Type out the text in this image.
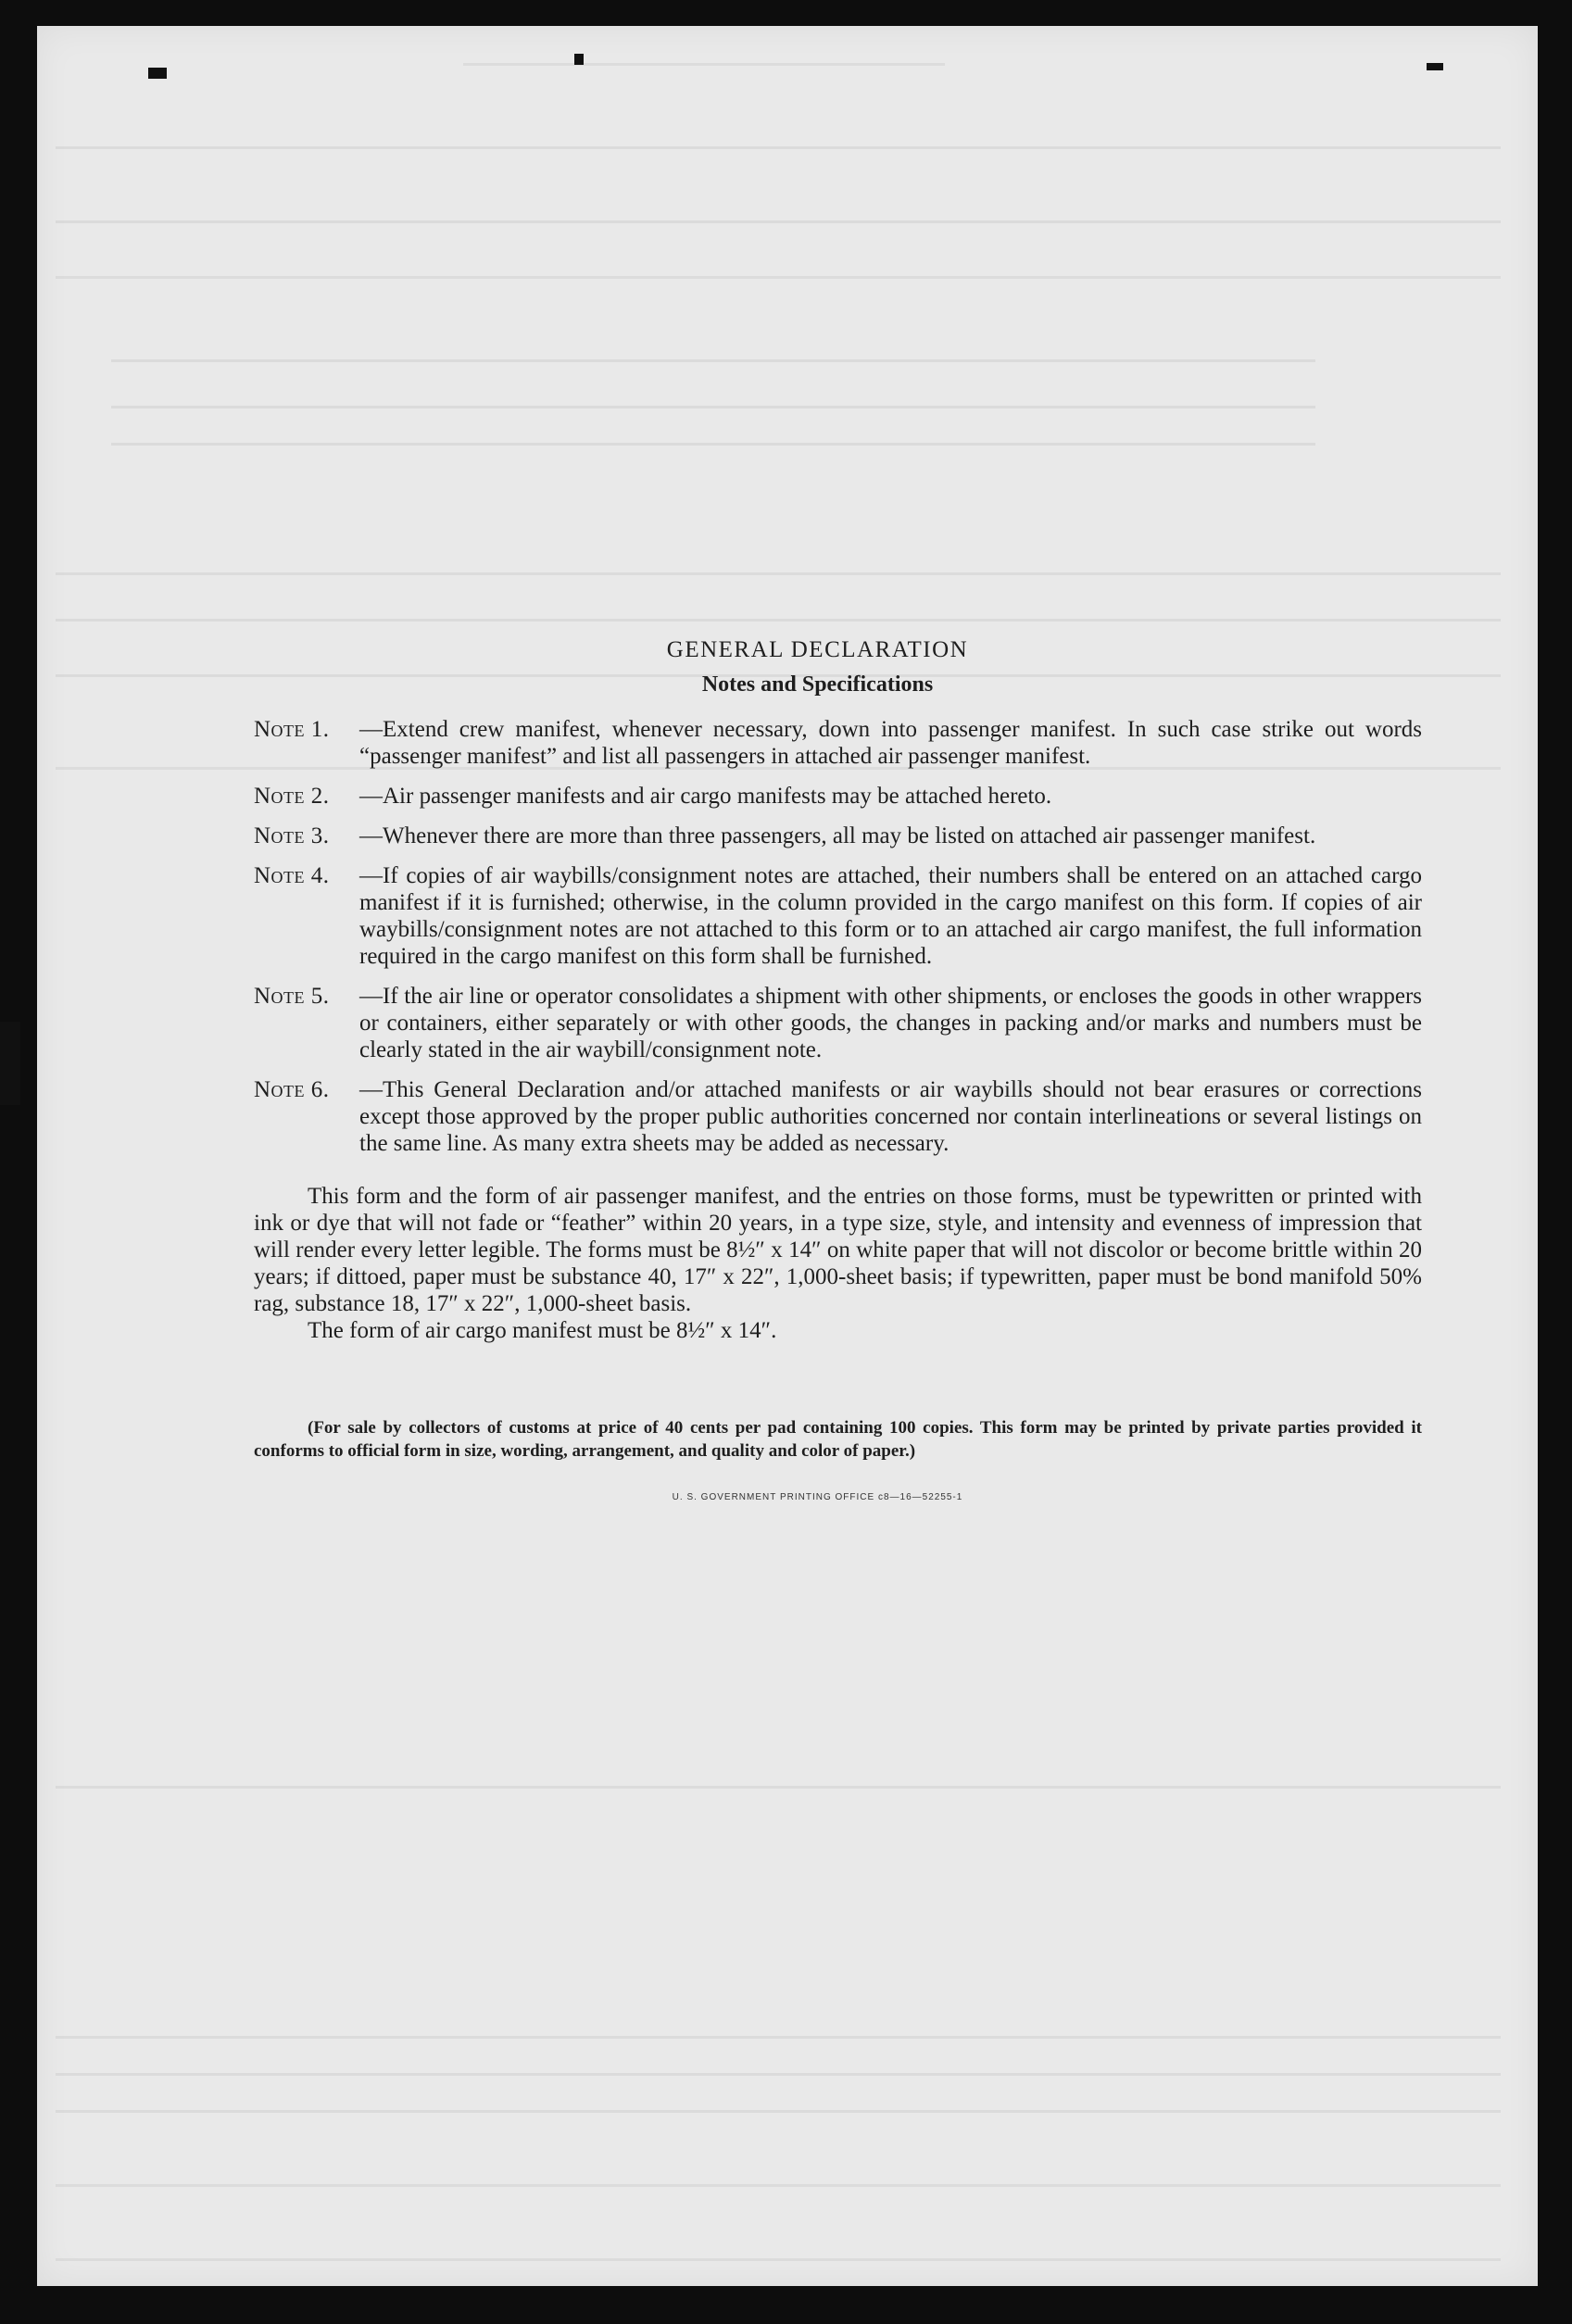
GENERAL DECLARATION
Notes and Specifications
Note 1. —Extend crew manifest, whenever necessary, down into passenger manifest. In such case strike out words “passenger manifest” and list all passengers in attached air passenger manifest.
Note 2. —Air passenger manifests and air cargo manifests may be attached hereto.
Note 3. —Whenever there are more than three passengers, all may be listed on attached air passenger manifest.
Note 4. —If copies of air waybills/consignment notes are attached, their numbers shall be entered on an attached cargo manifest if it is furnished; otherwise, in the column provided in the cargo manifest on this form. If copies of air waybills/consignment notes are not attached to this form or to an attached air cargo manifest, the full information required in the cargo manifest on this form shall be furnished.
Note 5. —If the air line or operator consolidates a shipment with other shipments, or encloses the goods in other wrappers or containers, either separately or with other goods, the changes in packing and/or marks and numbers must be clearly stated in the air waybill/consignment note.
Note 6. —This General Declaration and/or attached manifests or air waybills should not bear erasures or corrections except those approved by the proper public authorities concerned nor contain interlineations or several listings on the same line. As many extra sheets may be added as necessary.

This form and the form of air passenger manifest, and the entries on those forms, must be typewritten or printed with ink or dye that will not fade or “feather” within 20 years, in a type size, style, and intensity and evenness of impression that will render every letter legible. The forms must be 8½″ x 14″ on white paper that will not discolor or become brittle within 20 years; if dittoed, paper must be substance 40, 17″ x 22″, 1,000-sheet basis; if typewritten, paper must be bond manifold 50% rag, substance 18, 17″ x 22″, 1,000-sheet basis.

The form of air cargo manifest must be 8½″ x 14″.

(For sale by collectors of customs at price of 40 cents per pad containing 100 copies. This form may be printed by private parties provided it conforms to official form in size, wording, arrangement, and quality and color of paper.)

U. S. GOVERNMENT PRINTING OFFICE c8—16—52255-1
